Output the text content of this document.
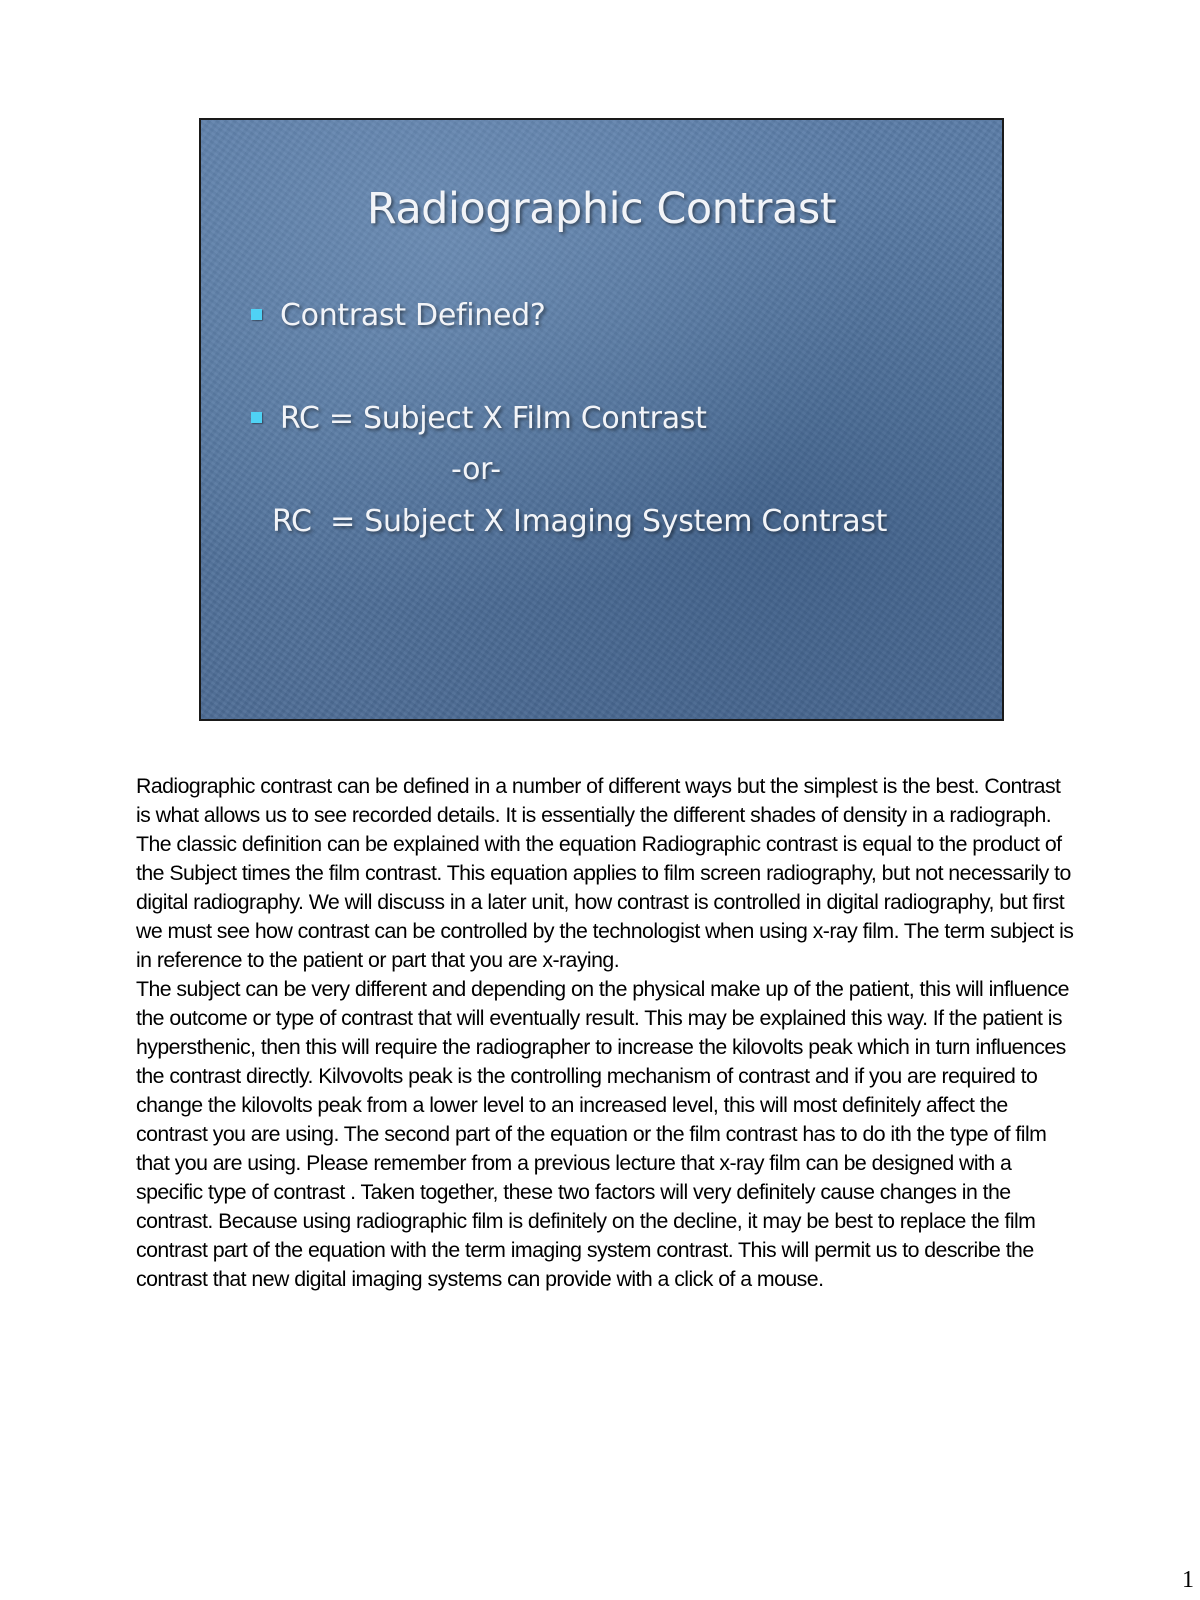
Radiographic Contrast
Contrast Defined?
RC = Subject X Film Contrast
-or-
RC  = Subject X Imaging System Contrast

Radiographic contrast can be defined in a number of different ways but the simplest is the best. Contrast is what allows us to see recorded details. It is essentially the different shades of density in a radiograph. The classic definition can be explained with the equation Radiographic contrast is equal to the product of the Subject times the film contrast. This equation applies to film screen radiography, but not necessarily to digital radiography. We will discuss in a later unit, how contrast is controlled in digital radiography, but first we must see how contrast can be controlled by the technologist when using x-ray film. The term subject is in reference to the patient or part that you are x-raying.

The subject can be very different and depending on the physical make up of the patient, this will influence the outcome or type of contrast that will eventually result. This may be explained this way. If the patient is hypersthenic, then this will require the radiographer to increase the kilovolts peak which in turn influences the contrast directly. Kilvovolts peak is the controlling mechanism of contrast and if you are required to change the kilovolts peak from a lower level to an increased level, this will most definitely affect the contrast you are using. The second part of the equation or the film contrast has to do ith the type of film that you are using. Please remember from a previous lecture that x-ray film can be designed with a specific type of contrast . Taken together, these two factors will very definitely cause changes in the contrast. Because using radiographic film is definitely on the decline, it may be best to replace the film contrast part of the equation with the term imaging system contrast. This will permit us to describe the contrast that new digital imaging systems can provide with a click of a mouse.

1
